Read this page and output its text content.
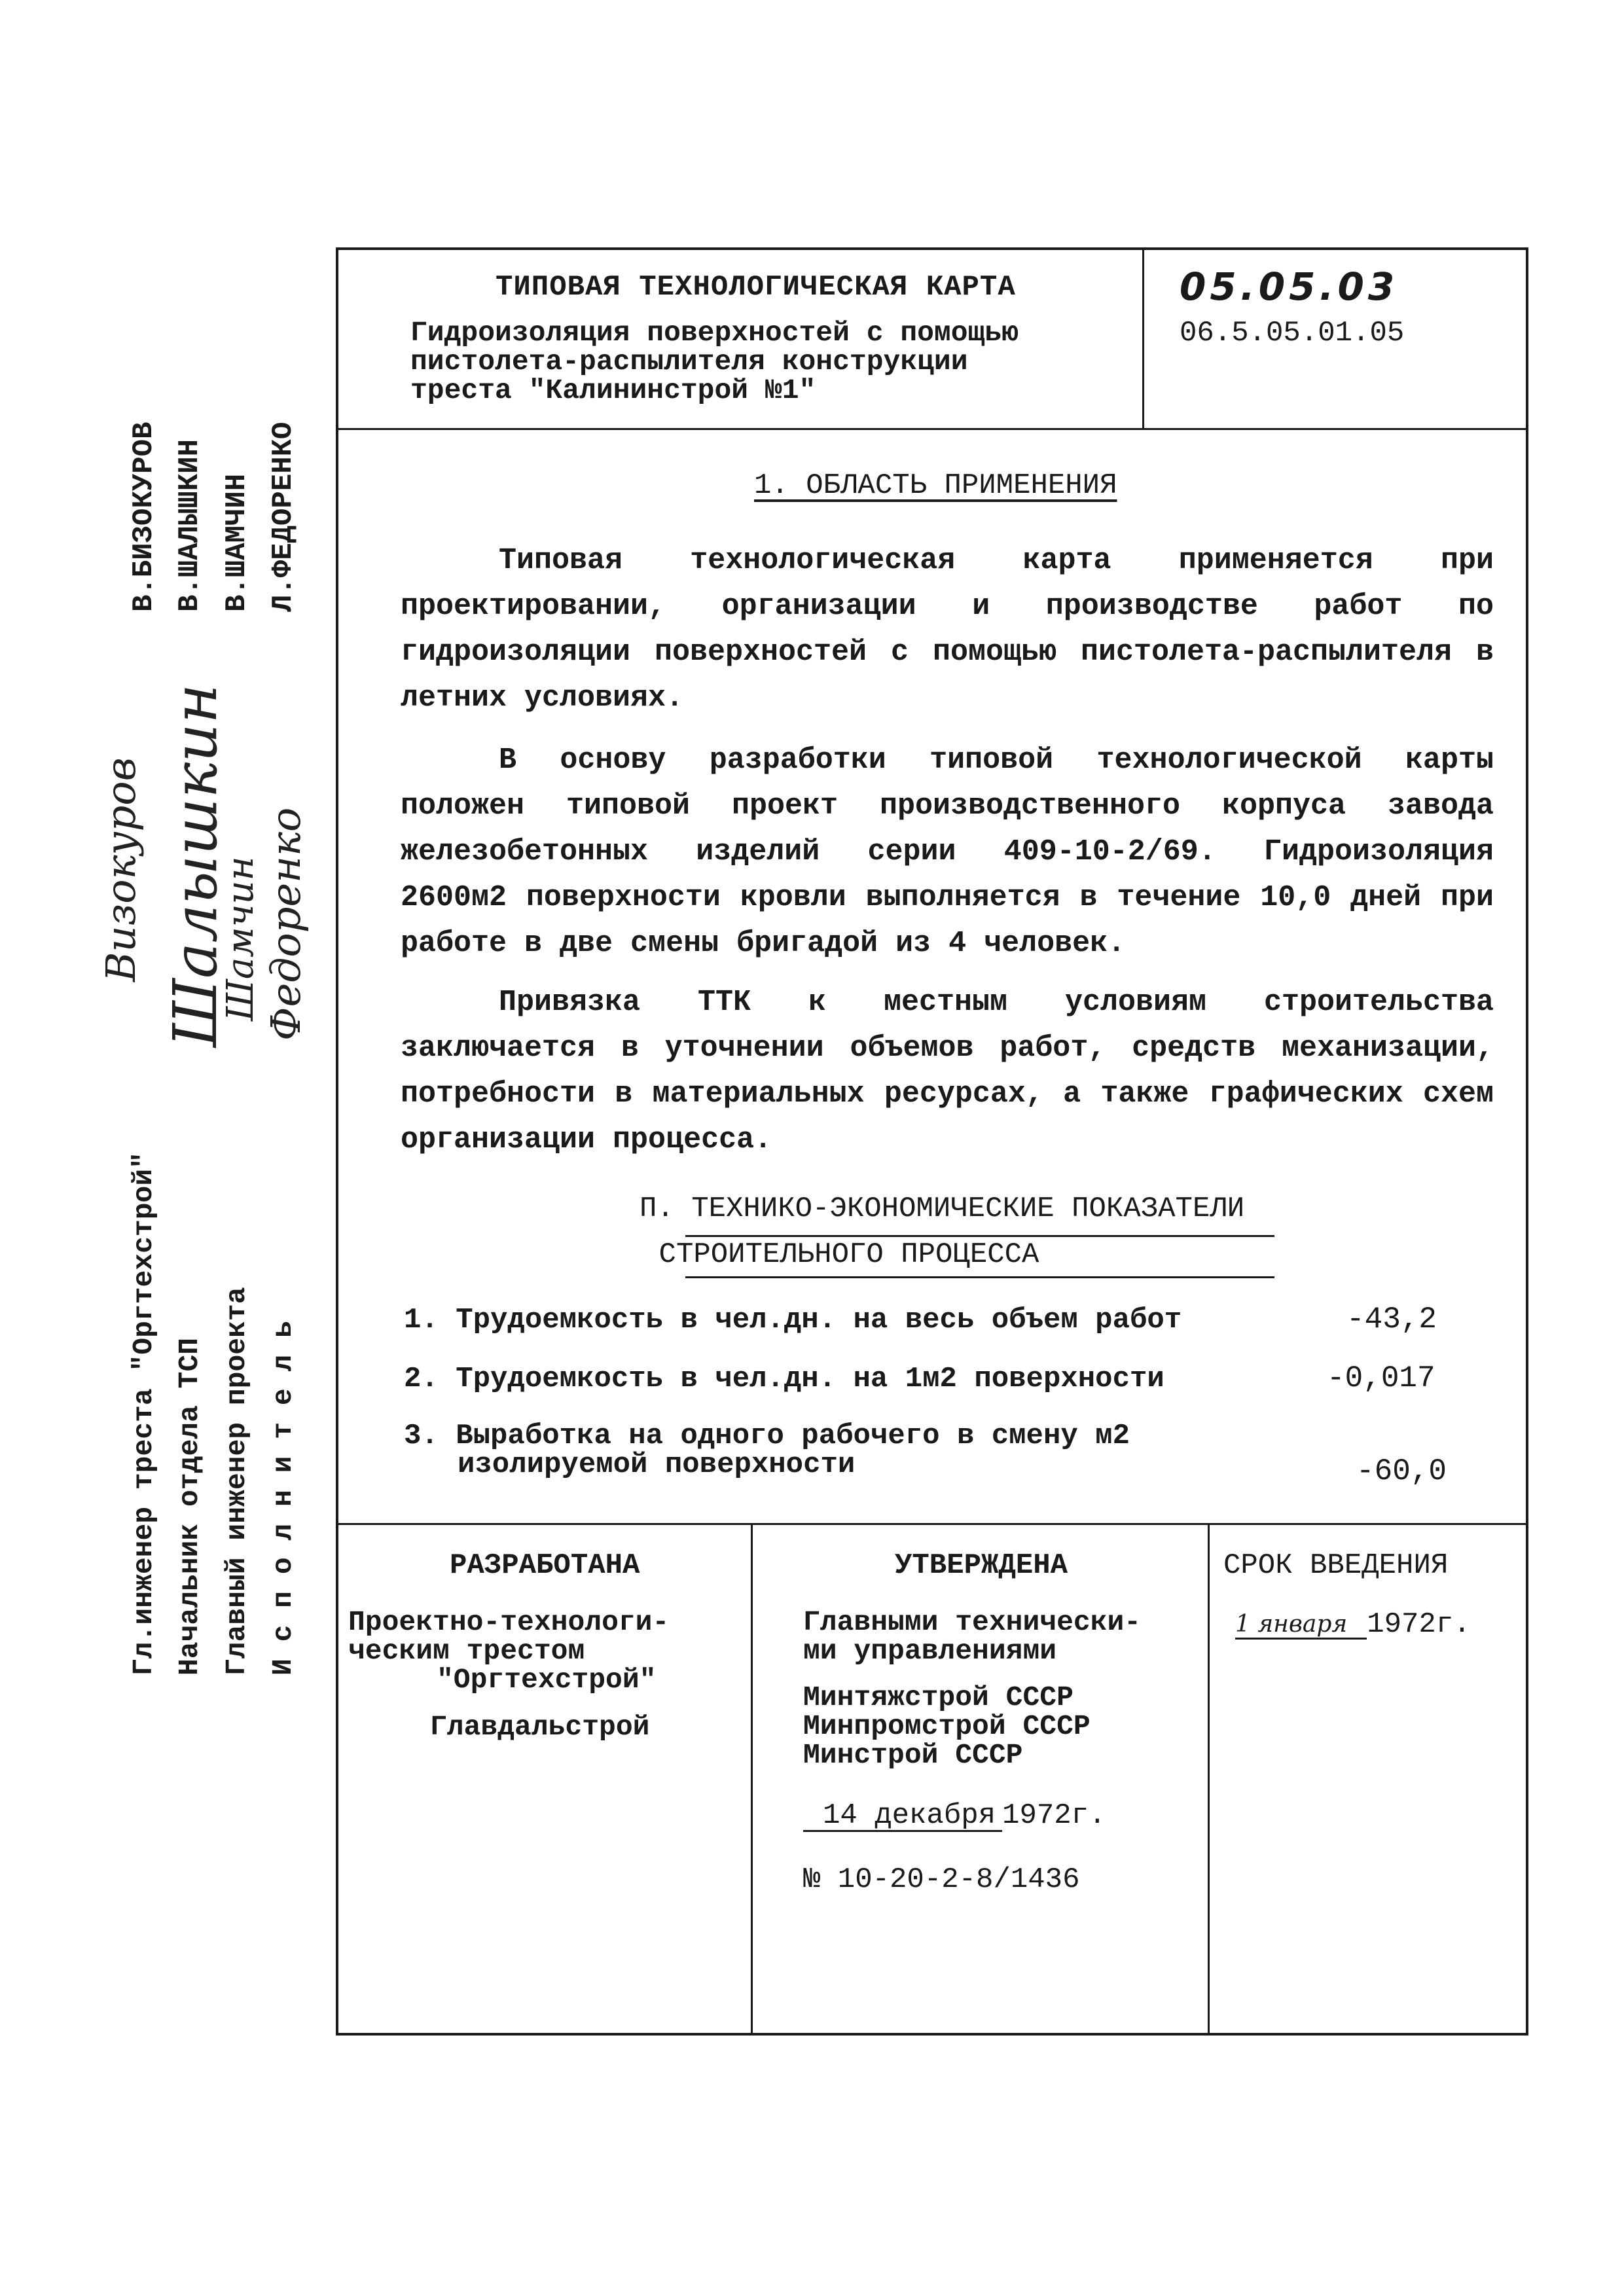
В.БИЗОКУРОВ В.ШАЛЫШКИН В.ШАМЧИН Л.ФЕДОРЕНКО
Визокуров Шалышкин
Шамчин Федоренко
Гл.инженер треста "Оргтехстрой" Начальник отдела ТСП Главный инженер проекта И с п о л н и т е л ь
ТИПОВАЯ ТЕХНОЛОГИЧЕСКАЯ КАРТА
Гидроизоляция поверхностей с помощью
пистолета-распылителя конструкции
треста "Калининстрой №1"
05.05.03
06.5.05.01.05
1. ОБЛАСТЬ ПРИМЕНЕНИЯ
Типовая технологическая карта применяется при проектировании, организации и производстве работ по гидроизоляции поверхностей с помощью пистолета-распылителя в летних условиях.
В основу разработки типовой технологической карты положен типовой проект производственного корпуса завода железобетонных изделий серии 409-10-2/69. Гидроизоляция 2600м2 поверхности кровли выполняется в течение 10,0 дней при работе в две смены бригадой из 4 человек.
Привязка ТТК к местным условиям строительства заключается в уточнении объемов работ, средств механизации, потребности в материальных ресурсах, а также графических схем организации процесса.
П. ТЕХНИКО-ЭКОНОМИЧЕСКИЕ ПОКАЗАТЕЛИ
СТРОИТЕЛЬНОГО ПРОЦЕССА
1. Трудоемкость в чел.дн. на весь объем работ	-43,2
2. Трудоемкость в чел.дн. на 1м2 поверхности	-0,017
3. Выработка на одного рабочего в смену м2
изолируемой поверхности	-60,0
РАЗРАБОТАНА
Проектно-технологи-
ческим трестом
"Оргтехстрой"
Главдальстрой
УТВЕРЖДЕНА
Главными техничecки-
ми управлениями
Минтяжстрой СССР
Минпромстрой СССР
Минстрой СССР
14 декабря 1972г.
№ 10-20-2-8/1436
СРОК ВВЕДЕНИЯ
1 января 1972г.
